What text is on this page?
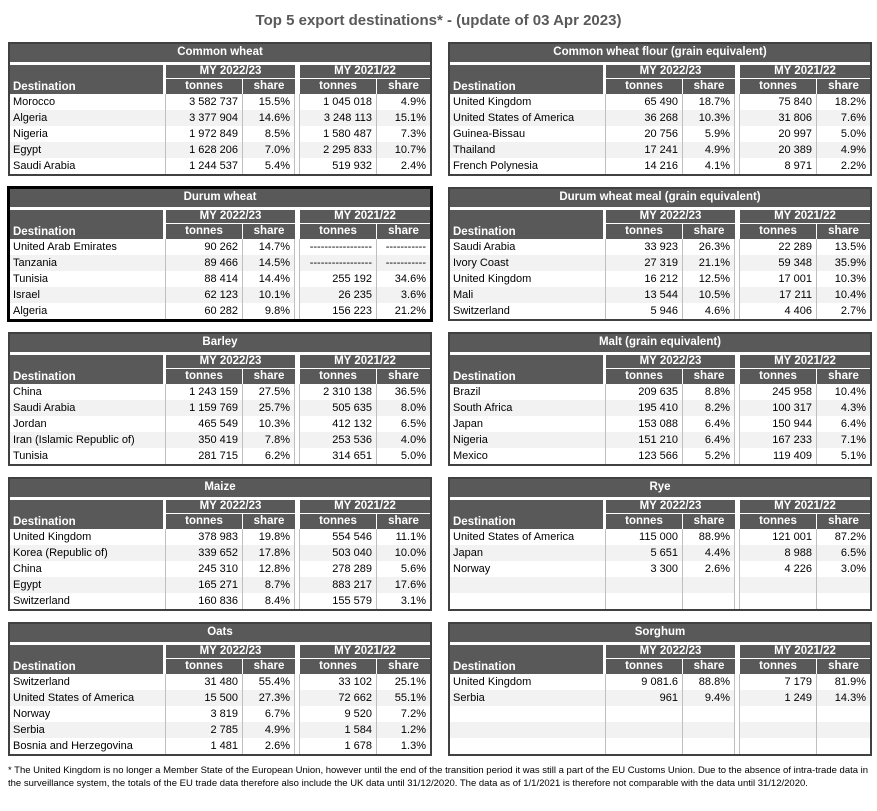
Top 5 export destinations* - (update of 03 Apr 2023)
Common wheat
Destination
MY 2022/23	MY 2021/22
tonnes	share	tonnes	share
Morocco	3 582 737	15.5%	1 045 018	4.9%
Algeria	3 377 904	14.6%	3 248 113	15.1%
Nigeria	1 972 849	8.5%	1 580 487	7.3%
Egypt	1 628 206	7.0%	2 295 833	10.7%
Saudi Arabia	1 244 537	5.4%	519 932	2.4%
Common wheat flour (grain equivalent)
Destination
MY 2022/23	MY 2021/22
tonnes	share	tonnes	share
United Kingdom	65 490	18.7%	75 840	18.2%
United States of America	36 268	10.3%	31 806	7.6%
Guinea-Bissau	20 756	5.9%	20 997	5.0%
Thailand	17 241	4.9%	20 389	4.9%
French Polynesia	14 216	4.1%	8 971	2.2%
Durum wheat
Destination
MY 2022/23	MY 2021/22
tonnes	share	tonnes	share
United Arab Emirates	90 262	14.7%	-----------------	-----------
Tanzania	89 466	14.5%	-----------------	-----------
Tunisia	88 414	14.4%	255 192	34.6%
Israel	62 123	10.1%	26 235	3.6%
Algeria	60 282	9.8%	156 223	21.2%
Durum wheat meal (grain equivalent)
Destination
MY 2022/23	MY 2021/22
tonnes	share	tonnes	share
Saudi Arabia	33 923	26.3%	22 289	13.5%
Ivory Coast	27 319	21.1%	59 348	35.9%
United Kingdom	16 212	12.5%	17 001	10.3%
Mali	13 544	10.5%	17 211	10.4%
Switzerland	5 946	4.6%	4 406	2.7%
Barley
Destination
MY 2022/23	MY 2021/22
tonnes	share	tonnes	share
China	1 243 159	27.5%	2 310 138	36.5%
Saudi Arabia	1 159 769	25.7%	505 635	8.0%
Jordan	465 549	10.3%	412 132	6.5%
Iran (Islamic Republic of)	350 419	7.8%	253 536	4.0%
Tunisia	281 715	6.2%	314 651	5.0%
Malt (grain equivalent)
Destination
MY 2022/23	MY 2021/22
tonnes	share	tonnes	share
Brazil	209 635	8.8%	245 958	10.4%
South Africa	195 410	8.2%	100 317	4.3%
Japan	153 088	6.4%	150 944	6.4%
Nigeria	151 210	6.4%	167 233	7.1%
Mexico	123 566	5.2%	119 409	5.1%
Maize
Destination
MY 2022/23	MY 2021/22
tonnes	share	tonnes	share
United Kingdom	378 983	19.8%	554 546	11.1%
Korea (Republic of)	339 652	17.8%	503 040	10.0%
China	245 310	12.8%	278 289	5.6%
Egypt	165 271	8.7%	883 217	17.6%
Switzerland	160 836	8.4%	155 579	3.1%
Rye
Destination
MY 2022/23	MY 2021/22
tonnes	share	tonnes	share
United States of America	115 000	88.9%	121 001	87.2%
Japan	5 651	4.4%	8 988	6.5%
Norway	3 300	2.6%	4 226	3.0%
Oats
Destination
MY 2022/23	MY 2021/22
tonnes	share	tonnes	share
Switzerland	31 480	55.4%	33 102	25.1%
United States of America	15 500	27.3%	72 662	55.1%
Norway	3 819	6.7%	9 520	7.2%
Serbia	2 785	4.9%	1 584	1.2%
Bosnia and Herzegovina	1 481	2.6%	1 678	1.3%
Sorghum
Destination
MY 2022/23	MY 2021/22
tonnes	share	tonnes	share
United Kingdom	9 081.6	88.8%	7 179	81.9%
Serbia	961	9.4%	1 249	14.3%

* The United Kingdom is no longer a Member State of the European Union, however until the end of the transition period it was still a part of the EU Customs Union. Due to the absence of intra-trade data in the surveillance system, the totals of the EU trade data therefore also include the UK data until 31/12/2020. The data as of 1/1/2021 is therefore not comparable with the data until 31/12/2020.
